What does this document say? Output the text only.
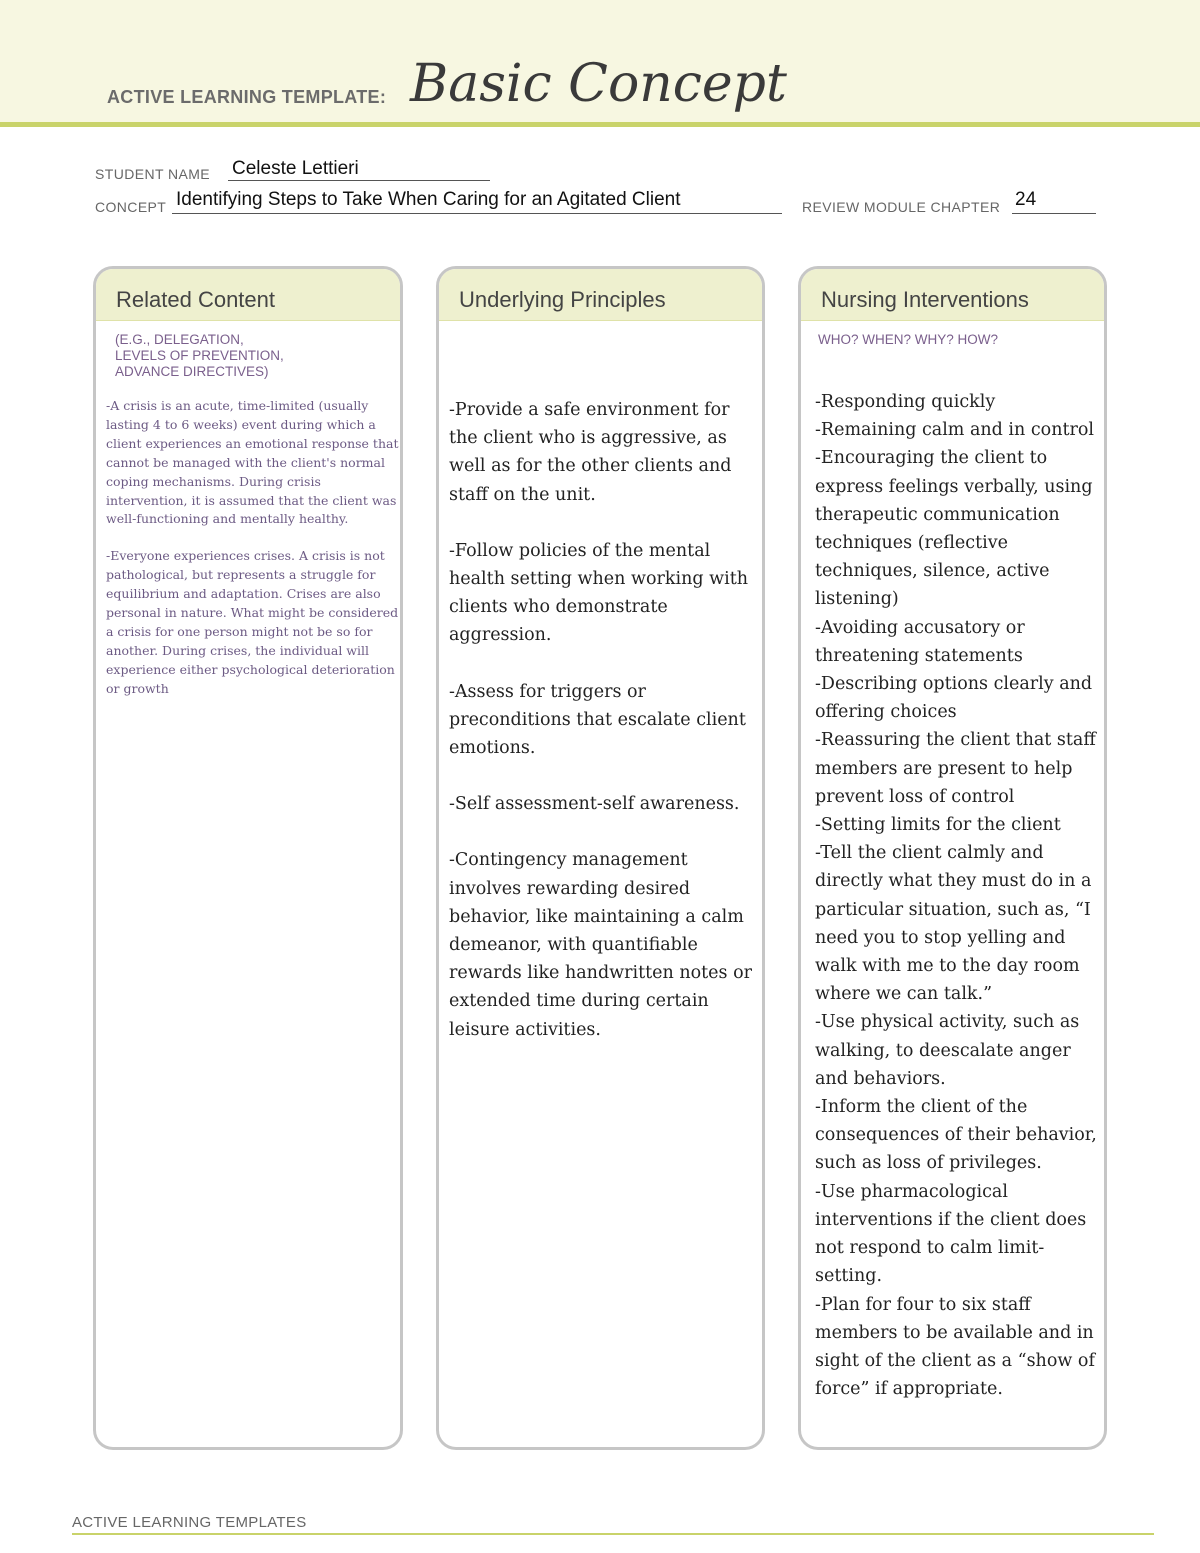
ACTIVE LEARNING TEMPLATE: Basic Concept
STUDENT NAME Celeste Lettieri
CONCEPT Identifying Steps to Take When Caring for an Agitated Client	REVIEW MODULE CHAPTER 24
Related Content
(E.G., DELEGATION,
LEVELS OF PREVENTION,
ADVANCE DIRECTIVES)

-A crisis is an acute, time-limited (usually lasting 4 to 6 weeks) event during which a client experiences an emotional response that cannot be managed with the client's normal coping mechanisms. During crisis intervention, it is assumed that the client was well-functioning and mentally healthy.

-Everyone experiences crises. A crisis is not pathological, but represents a struggle for equilibrium and adaptation. Crises are also personal in nature. What might be considered a crisis for one person might not be so for another. During crises, the individual will experience either psychological deterioration or growth

Underlying Principles

-Provide a safe environment for the client who is aggressive, as well as for the other clients and staff on the unit.

-Follow policies of the mental health setting when working with clients who demonstrate aggression.

-Assess for triggers or preconditions that escalate client emotions.

-Self assessment-self awareness.

-Contingency management involves rewarding desired behavior, like maintaining a calm demeanor, with quantifiable rewards like handwritten notes or extended time during certain leisure activities.

Nursing Interventions
WHO? WHEN? WHY? HOW?

-Responding quickly

-Remaining calm and in control

-Encouraging the client to express feelings verbally, using therapeutic communication techniques (reflective techniques, silence, active listening)

-Avoiding accusatory or threatening statements

-Describing options clearly and offering choices

-Reassuring the client that staff members are present to help prevent loss of control

-Setting limits for the client

-Tell the client calmly and directly what they must do in a particular situation, such as, “I need you to stop yelling and walk with me to the day room where we can talk.”

-Use physical activity, such as walking, to deescalate anger and behaviors.

-Inform the client of the consequences of their behavior, such as loss of privileges.

-Use pharmacological interventions if the client does not respond to calm limit-setting.

-Plan for four to six staff members to be available and in sight of the client as a “show of force” if appropriate.

ACTIVE LEARNING TEMPLATES
